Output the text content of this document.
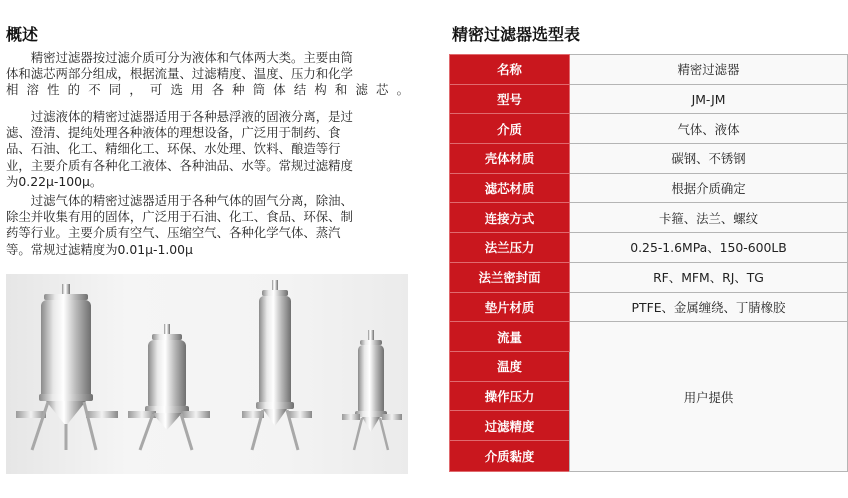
概述
　　精密过滤器按过滤介质可分为液体和气体两大类。主要由筒
体和滤芯两部分组成，根据流量、过滤精度、温度、压力和化学
相溶性的不同，可选用各种筒体结构和滤芯。
　　过滤液体的精密过滤器适用于各种悬浮液的固液分离，是过
滤、澄清、提纯处理各种液体的理想设备，广泛用于制药、食
品、石油、化工、精细化工、环保、水处理、饮料、酿造等行
业，主要介质有各种化工液体、各种油品、水等。常规过滤精度
为0.22μ-100μ。
　　过滤气体的精密过滤器适用于各种气体的固气分离，除油、
除尘并收集有用的固体，广泛用于石油、化工、食品、环保、制
药等行业。主要介质有空气、压缩空气、各种化学气体、蒸汽
等。常规过滤精度为0.01μ-1.00μ
精密过滤器选型表
名称	精密过滤器
型号	JM-JM
介质	气体、液体
壳体材质	碳钢、不锈钢
滤芯材质	根据介质确定
连接方式	卡箍、法兰、螺纹
法兰压力	0.25-1.6MPa、150-600LB
法兰密封面	RF、MFM、RJ、TG
垫片材质	PTFE、金属缠绕、丁腈橡胶
流量	用户提供
温度	
操作压力	
过滤精度	
介质黏度	
